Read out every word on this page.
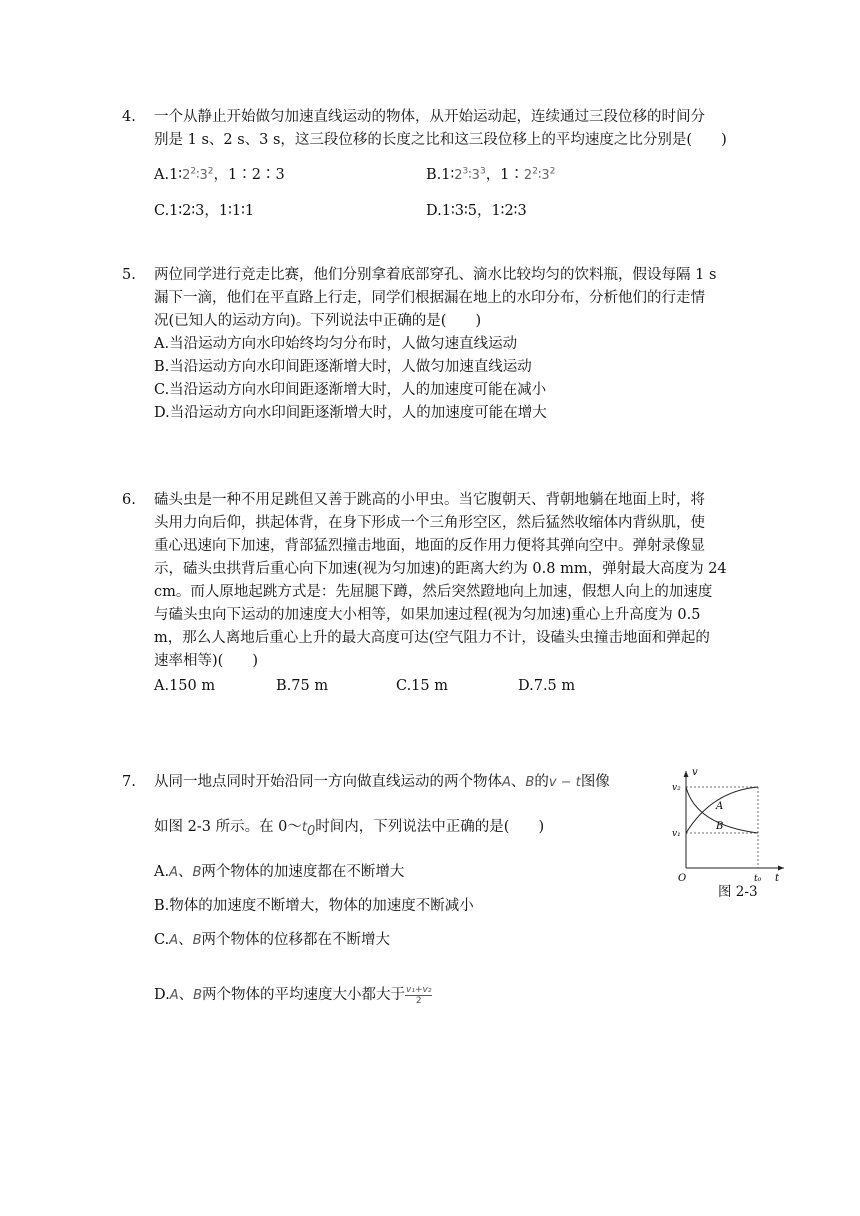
4.	一个从静止开始做匀加速直线运动的物体，从开始运动起，连续通过三段位移的时间分
别是 1 s、2 s、3 s，这三段位移的长度之比和这三段位移上的平均速度之比分别是(　　)
$A.1∶2^2∶3^2$，1∶2∶3	$B.1∶2^3∶3^3$，$1∶2^2∶3^2$
C.1∶2∶3，1∶1∶1	D.1∶3∶5，1∶2∶3
5.	两位同学进行竞走比赛，他们分别拿着底部穿孔、滴水比较均匀的饮料瓶，假设每隔 1 s
漏下一滴，他们在平直路上行走，同学们根据漏在地上的水印分布，分析他们的行走情
况(已知人的运动方向)。下列说法中正确的是(　　)
A.当沿运动方向水印始终均匀分布时，人做匀速直线运动
B.当沿运动方向水印间距逐渐增大时，人做匀加速直线运动
C.当沿运动方向水印间距逐渐增大时，人的加速度可能在减小
D.当沿运动方向水印间距逐渐增大时，人的加速度可能在增大
6.	磕头虫是一种不用足跳但又善于跳高的小甲虫。当它腹朝天、背朝地躺在地面上时，将
头用力向后仰，拱起体背，在身下形成一个三角形空区，然后猛然收缩体内背纵肌，使
重心迅速向下加速，背部猛烈撞击地面，地面的反作用力便将其弹向空中。弹射录像显
示，磕头虫拱背后重心向下加速(视为匀加速)的距离大约为 0.8 mm，弹射最大高度为 24
cm。而人原地起跳方式是：先屈腿下蹲，然后突然蹬地向上加速，假想人向上的加速度
与磕头虫向下运动的加速度大小相等，如果加速过程(视为匀加速)重心上升高度为 0.5
m，那么人离地后重心上升的最大高度可达(空气阻力不计，设磕头虫撞击地面和弹起的
速率相等)(　　)
A.150 m	B.75 m	C.15 m	D.7.5 m
7.	从同一地点同时开始沿同一方向做直线运动的两个物体A、B的v − t图像
如图 2-3 所示。在 $0\sim t_0$时间内，下列说法中正确的是(　　)
A.A、B两个物体的加速度都在不断增大
B.物体的加速度不断增大，物体的加速度不断减小
C.A、B两个物体的位移都在不断增大
D.A、B两个物体的平均速度大小都大于 $\frac{\text{v₁+v₂}}{2}$
v
t
O
v₂
v₁
A
B
t₀
图 2-3
